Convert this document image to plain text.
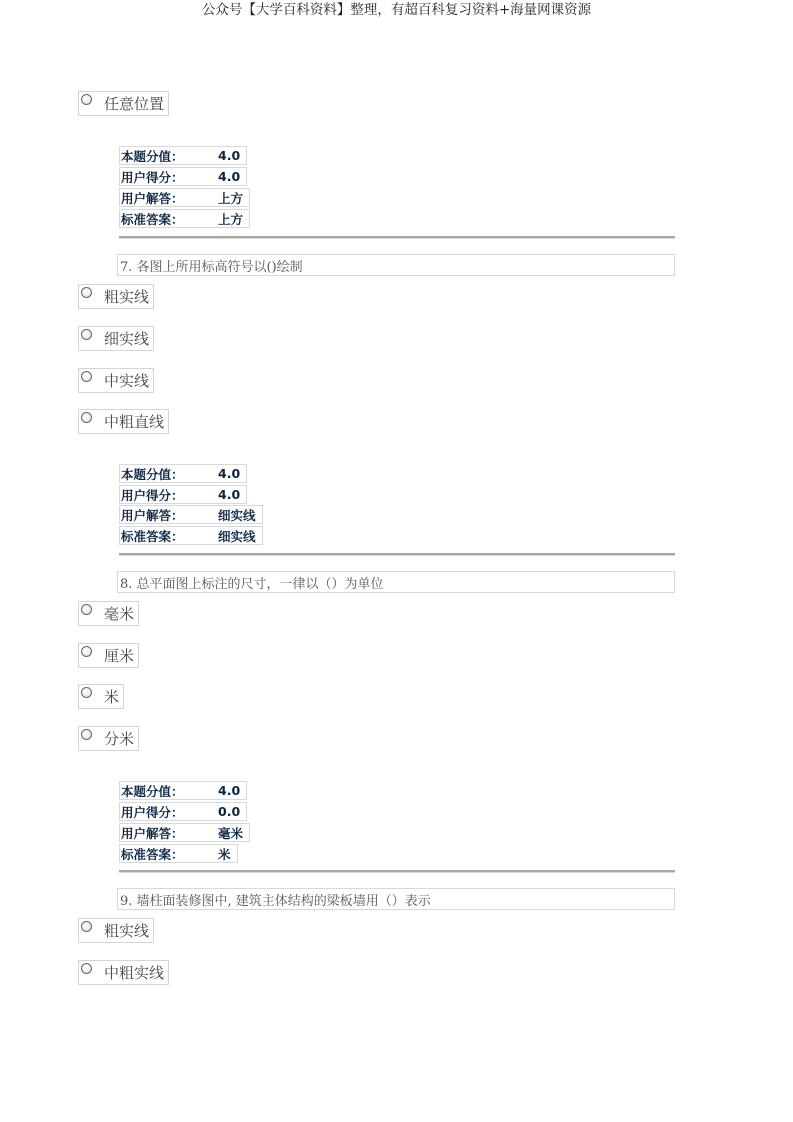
公众号【大学百科资料】整理，有超百科复习资料+海量网课资源
任意位置
本题分值：	4.0
用户得分：	4.0
用户解答：	上方
标准答案：	上方
7. 各图上所用标高符号以()绘制
粗实线
细实线
中实线
中粗直线
本题分值：	4.0
用户得分：	4.0
用户解答：	细实线
标准答案：	细实线
8. 总平面图上标注的尺寸，一律以（）为单位
毫米
厘米
米
分米
本题分值：	4.0
用户得分：	0.0
用户解答：	毫米
标准答案：	米
9. 墙柱面装修图中, 建筑主体结构的梁板墙用（）表示
粗实线
中粗实线
